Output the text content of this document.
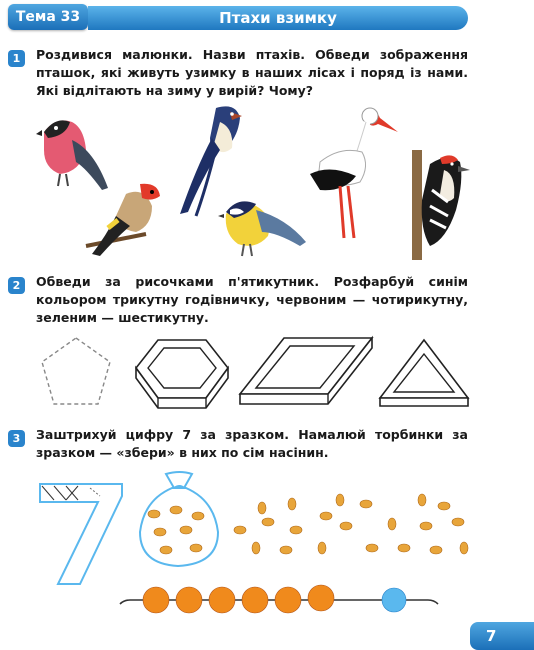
Тема 33	Птахи взимку
1	Роздивися малюнки. Назви птахів. Обведи зображення пташок, які живуть узимку в наших лісах і поряд із нами. Які відлітають на зиму у вирій? Чому?
2	Обведи за рисочками п'ятикутник. Розфарбуй синім кольором трикутну годівничку, червоним — чотирикутну, зеленим — шестикутну.
3	Заштрихуй цифру 7 за зразком. Намалюй торбинки за зразком — «збери» в них по сім насінин.
7
